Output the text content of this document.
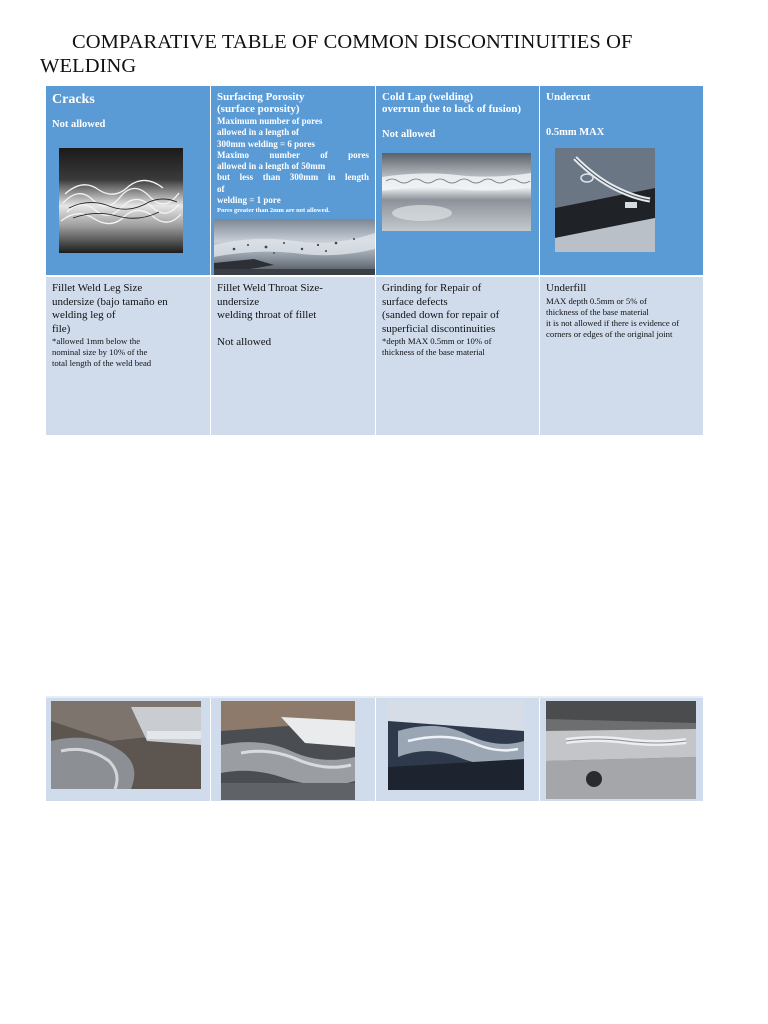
COMPARATIVE TABLE OF COMMON DISCONTINUITIES OF WELDING
Cracks
Not allowed
Surfacing Porosity
(surface porosity)
Maximum number of pores
allowed in a length of
300mm welding = 6 pores
Maximo number of pores
allowed in a length of 50mm
but less than 300mm in length
of
welding = 1 pore
Pores greater than 2mm are not allowed.
Cold Lap (welding)
overrun due to lack of fusion)
Not allowed
Undercut
0.5mm MAX
Fillet Weld Leg Size
undersize (bajo tamaño en
welding leg of
file)
*allowed 1mm below the
nominal size by 10% of the
total length of the weld bead
Fillet Weld Throat Size-
undersize
welding throat of fillet
Not allowed
Grinding for Repair of
surface defects
(sanded down for repair of
superficial discontinuities
*depth MAX 0.5mm or 10% of
thickness of the base material
Underfill
MAX depth 0.5mm or 5% of
thickness of the base material
it is not allowed if there is evidence of
corners or edges of the original joint
